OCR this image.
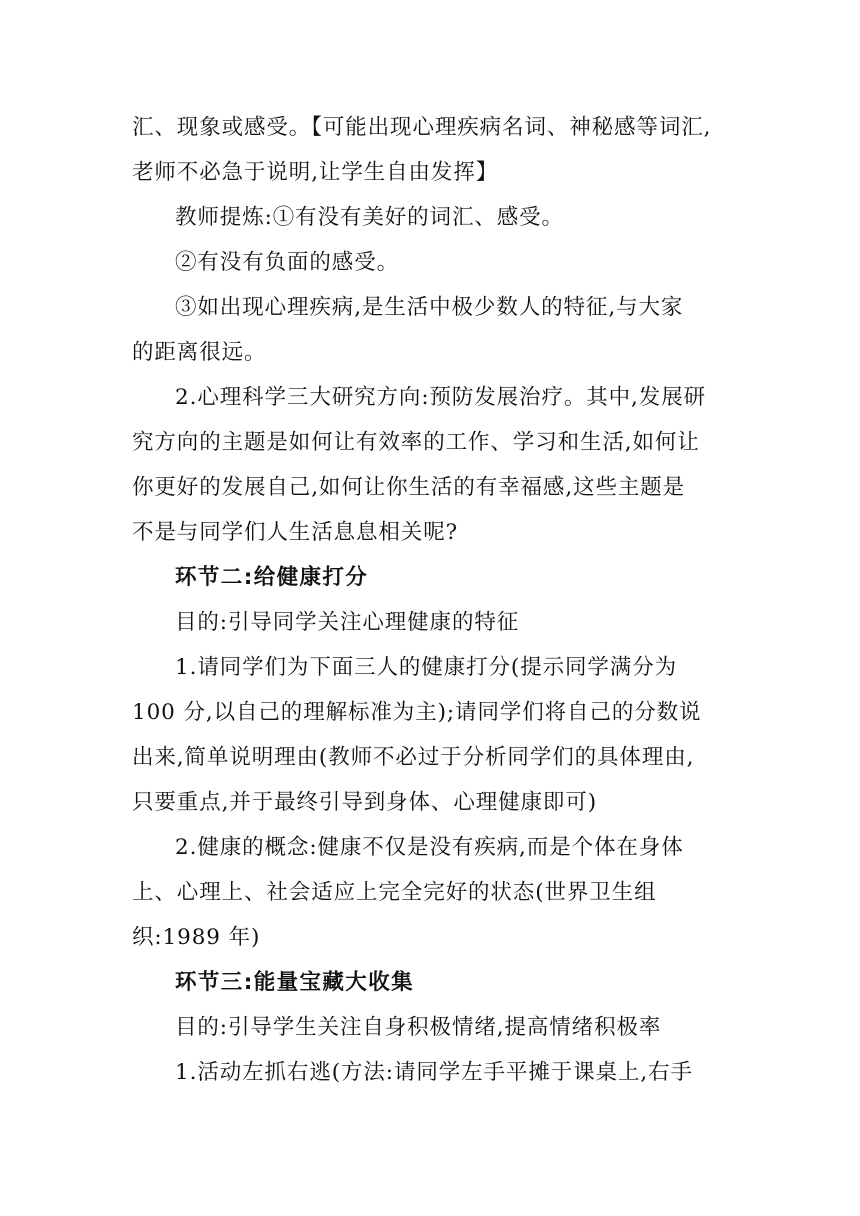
汇、现象或感受。【可能出现心理疾病名词、神秘感等词汇,
老师不必急于说明,让学生自由发挥】
教师提炼:①有没有美好的词汇、感受。
②有没有负面的感受。
③如出现心理疾病,是生活中极少数人的特征,与大家
的距离很远。
2.心理科学三大研究方向:预防发展治疗。其中,发展研
究方向的主题是如何让有效率的工作、学习和生活,如何让
你更好的发展自己,如何让你生活的有幸福感,这些主题是
不是与同学们人生活息息相关呢?
环节二:给健康打分
目的:引导同学关注心理健康的特征
1.请同学们为下面三人的健康打分(提示同学满分为
100 分,以自己的理解标准为主);请同学们将自己的分数说
出来,简单说明理由(教师不必过于分析同学们的具体理由,
只要重点,并于最终引导到身体、心理健康即可)
2.健康的概念:健康不仅是没有疾病,而是个体在身体
上、心理上、社会适应上完全完好的状态(世界卫生组
织:1989 年)
环节三:能量宝藏大收集
目的:引导学生关注自身积极情绪,提高情绪积极率
1.活动左抓右逃(方法:请同学左手平摊于课桌上,右手
